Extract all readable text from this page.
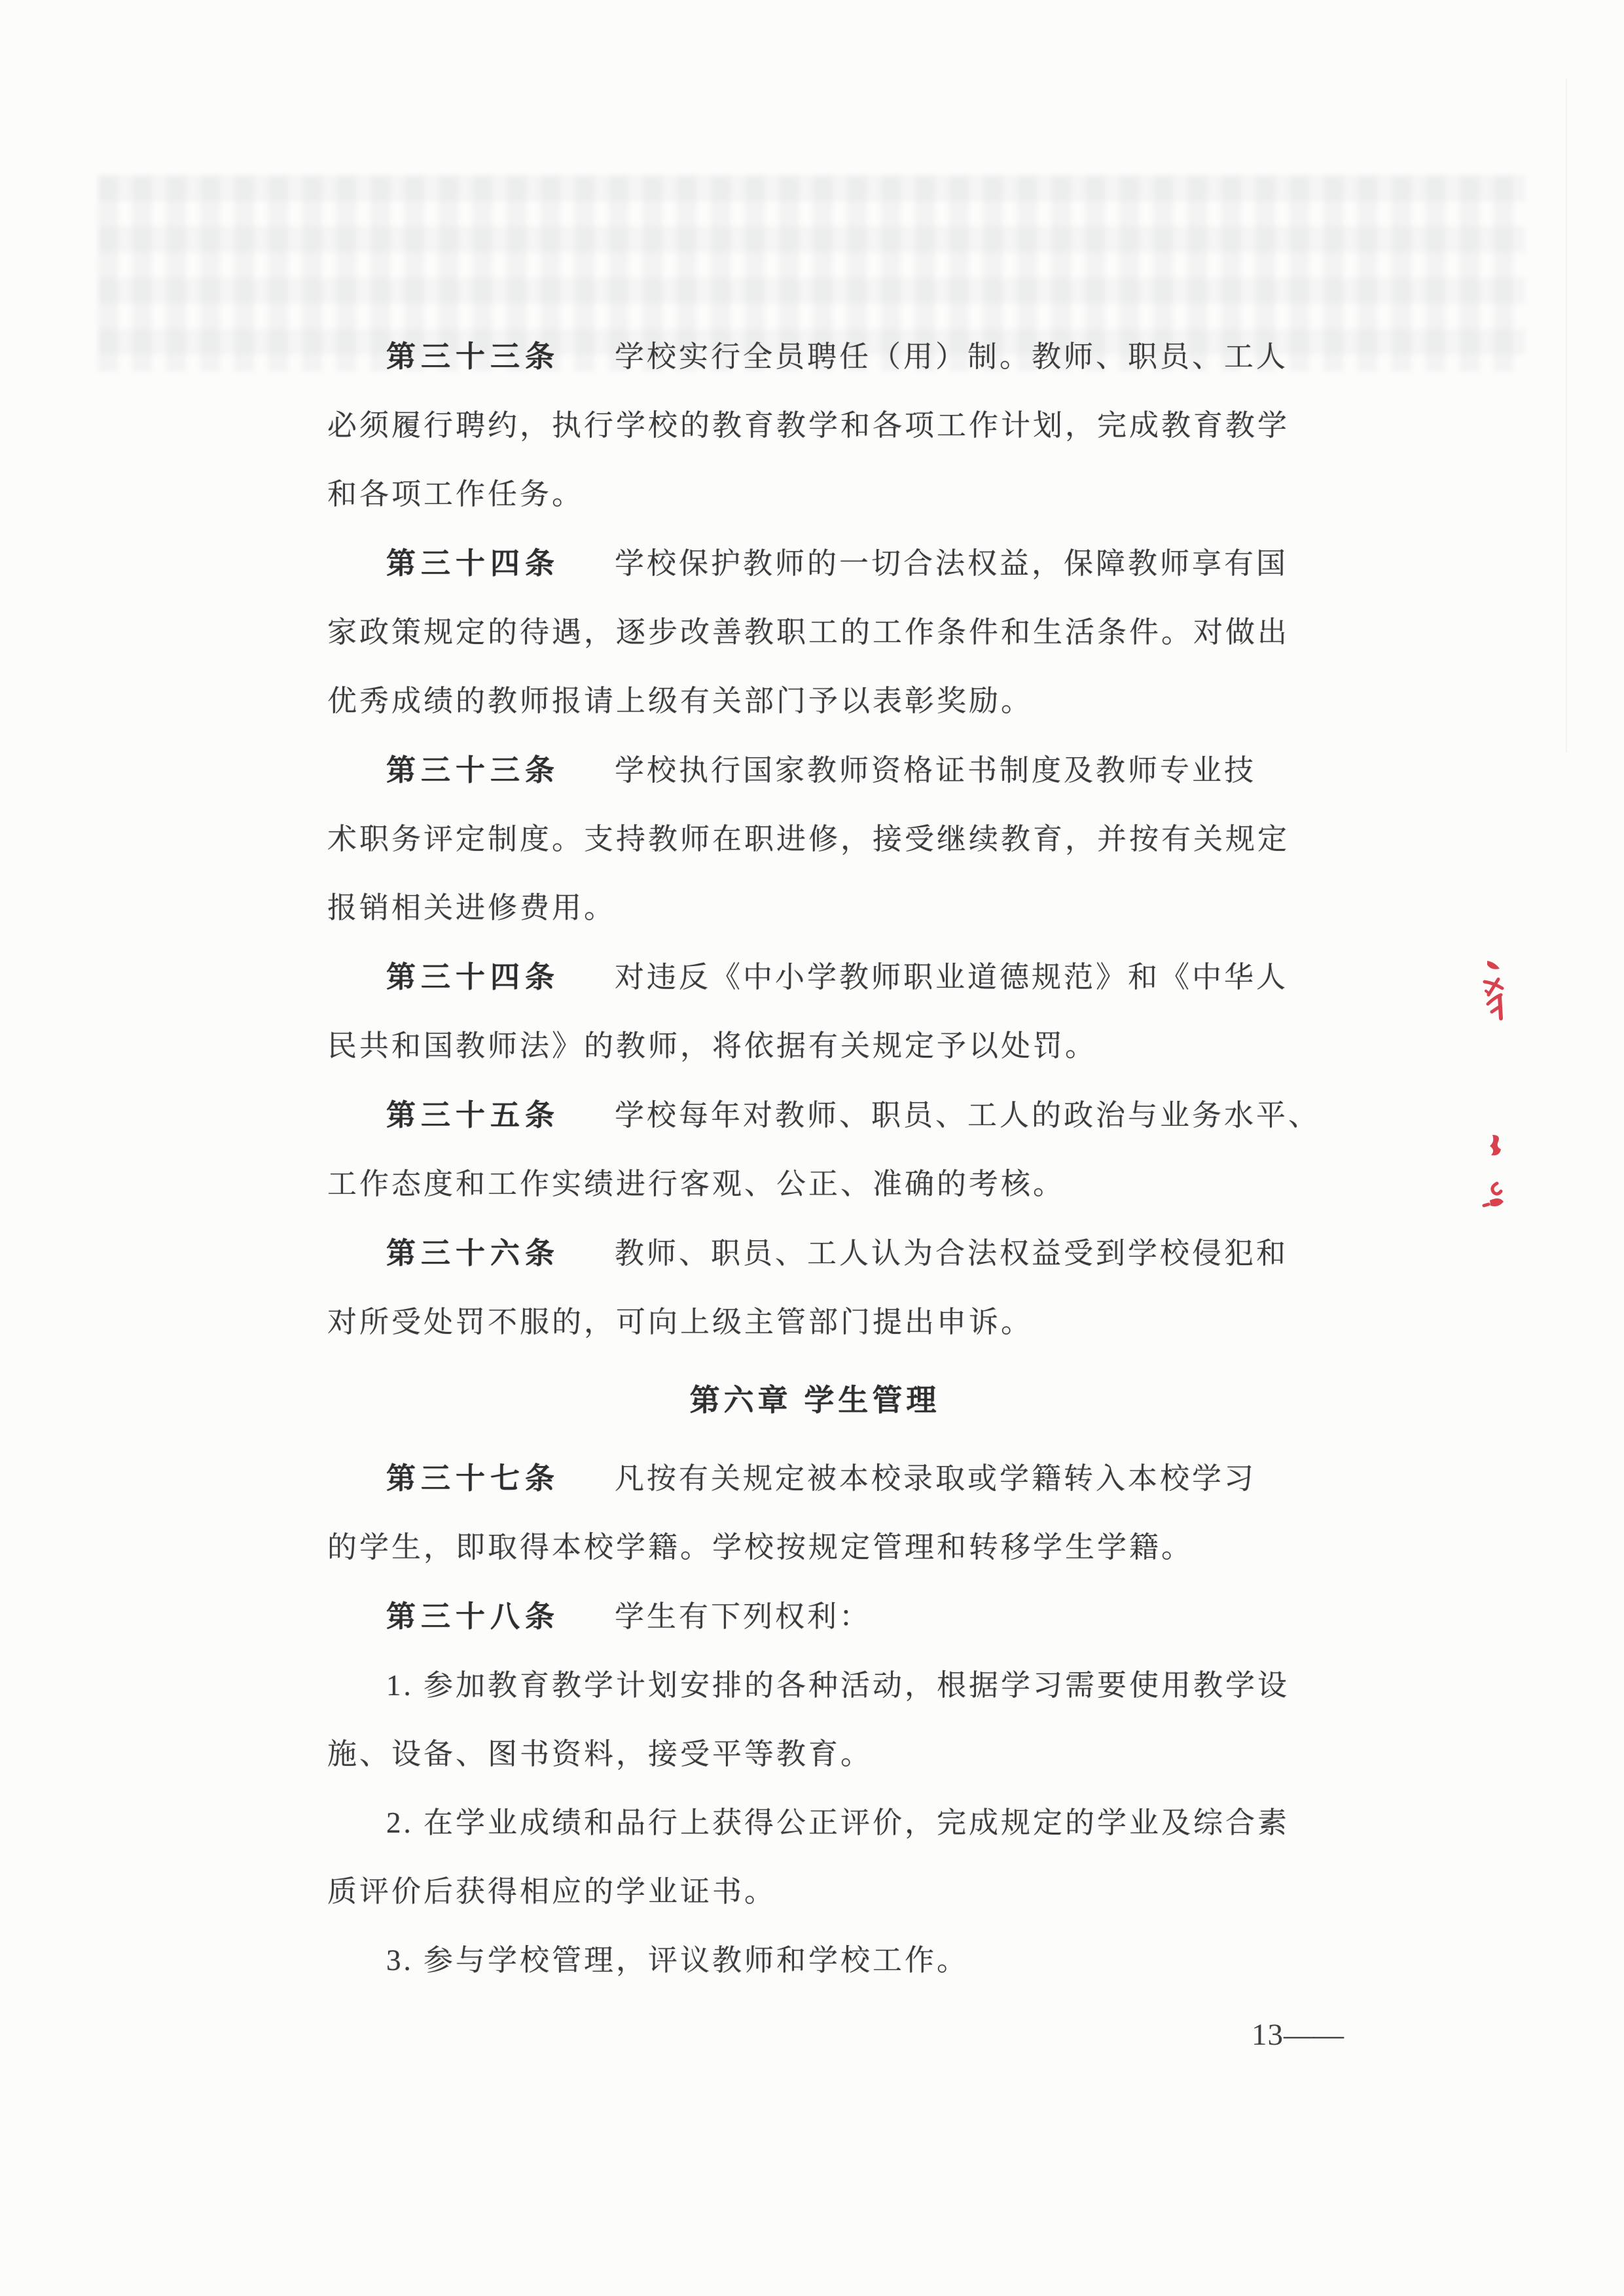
第三十三条 学校实行全员聘任（用）制。教师、职员、工人
必须履行聘约，执行学校的教育教学和各项工作计划，完成教育教学
和各项工作任务。

第三十四条 学校保护教师的一切合法权益，保障教师享有国
家政策规定的待遇，逐步改善教职工的工作条件和生活条件。对做出
优秀成绩的教师报请上级有关部门予以表彰奖励。

第三十三条 学校执行国家教师资格证书制度及教师专业技
术职务评定制度。支持教师在职进修，接受继续教育，并按有关规定
报销相关进修费用。

第三十四条 对违反《中小学教师职业道德规范》和《中华人
民共和国教师法》的教师，将依据有关规定予以处罚。

第三十五条 学校每年对教师、职员、工人的政治与业务水平、
工作态度和工作实绩进行客观、公正、准确的考核。

第三十六条 教师、职员、工人认为合法权益受到学校侵犯和
对所受处罚不服的，可向上级主管部门提出申诉。

第六章 学生管理

第三十七条 凡按有关规定被本校录取或学籍转入本校学习
的学生，即取得本校学籍。学校按规定管理和转移学生学籍。

第三十八条 学生有下列权利：

1. 参加教育教学计划安排的各种活动，根据学习需要使用教学设
施、设备、图书资料，接受平等教育。

2. 在学业成绩和品行上获得公正评价，完成规定的学业及综合素
质评价后获得相应的学业证书。

3. 参与学校管理，评议教师和学校工作。

13——
